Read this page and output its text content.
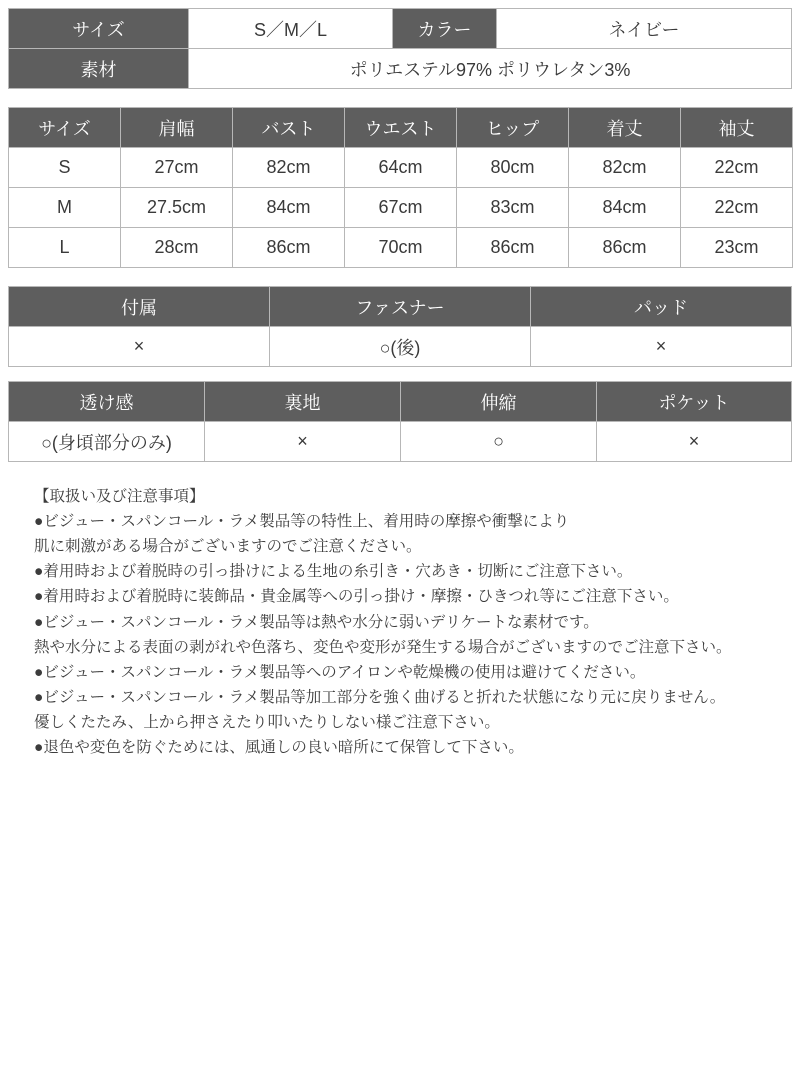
サイズ	S／M／L	カラー	ネイビー
素材	ポリエステル97% ポリウレタン3%		
サイズ	肩幅	バスト	ウエスト	ヒップ	着丈	袖丈
S	27cm	82cm	64cm	80cm	82cm	22cm
M	27.5cm	84cm	67cm	83cm	84cm	22cm
L	28cm	86cm	70cm	86cm	86cm	23cm
付属	ファスナー	パッド
×	○(後)	×
透け感	裏地	伸縮	ポケット
○(身頃部分のみ)	×	○	×
【取扱い及び注意事項】
●ビジュー・スパンコール・ラメ製品等の特性上、着用時の摩擦や衝撃により
肌に刺激がある場合がございますのでご注意ください。
●着用時および着脱時の引っ掛けによる生地の糸引き・穴あき・切断にご注意下さい。
●着用時および着脱時に装飾品・貴金属等への引っ掛け・摩擦・ひきつれ等にご注意下さい。
●ビジュー・スパンコール・ラメ製品等は熱や水分に弱いデリケートな素材です。
熱や水分による表面の剥がれや色落ち、変色や変形が発生する場合がございますのでご注意下さい。
●ビジュー・スパンコール・ラメ製品等へのアイロンや乾燥機の使用は避けてください。
●ビジュー・スパンコール・ラメ製品等加工部分を強く曲げると折れた状態になり元に戻りません。
優しくたたみ、上から押さえたり叩いたりしない様ご注意下さい。
●退色や変色を防ぐためには、風通しの良い暗所にて保管して下さい。
